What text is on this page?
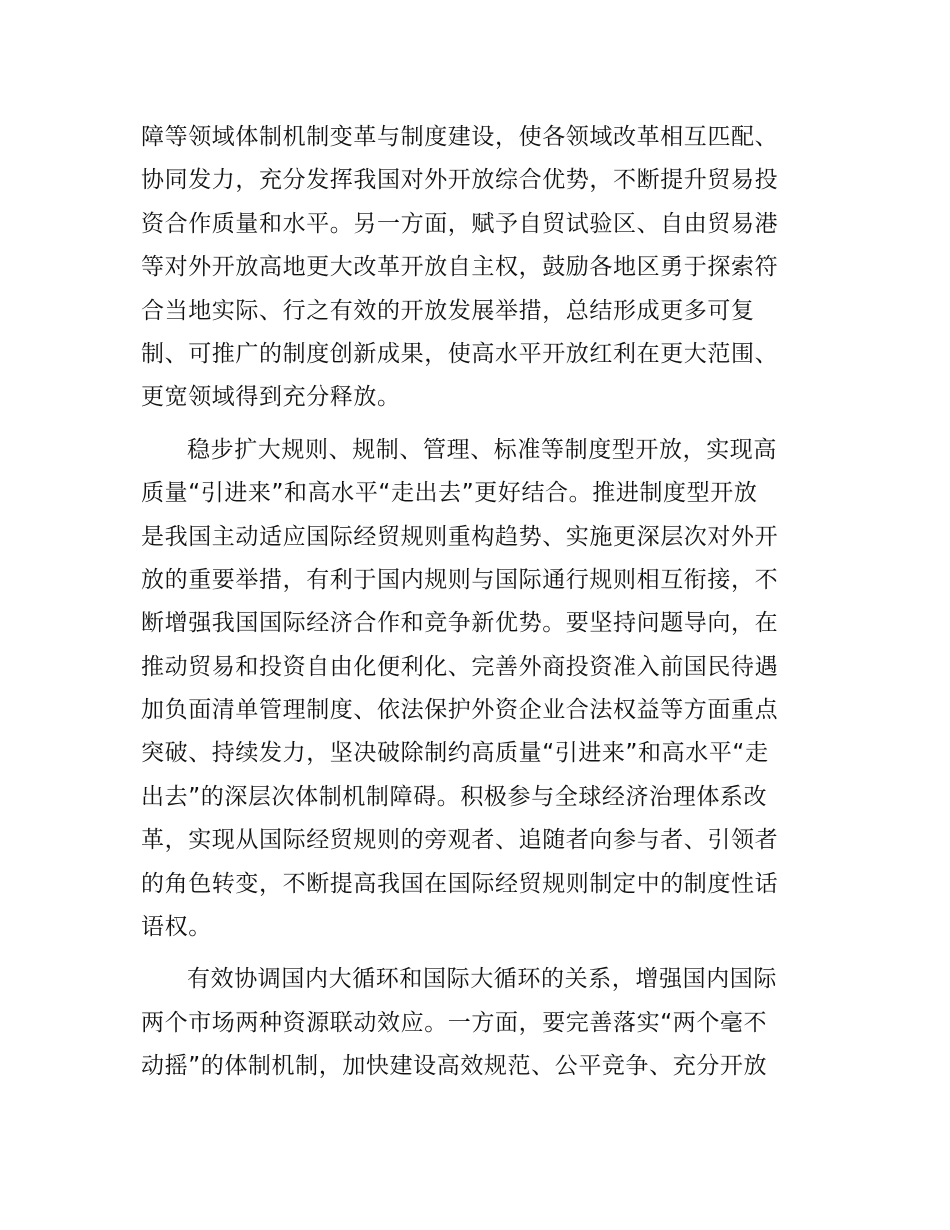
障等领域体制机制变革与制度建设，使各领域改革相互匹配、
协同发力，充分发挥我国对外开放综合优势，不断提升贸易投
资合作质量和水平。另一方面，赋予自贸试验区、自由贸易港
等对外开放高地更大改革开放自主权，鼓励各地区勇于探索符
合当地实际、行之有效的开放发展举措，总结形成更多可复
制、可推广的制度创新成果，使高水平开放红利在更大范围、
更宽领域得到充分释放。
稳步扩大规则、规制、管理、标准等制度型开放，实现高
质量“引进来”和高水平“走出去”更好结合。推进制度型开放
是我国主动适应国际经贸规则重构趋势、实施更深层次对外开
放的重要举措，有利于国内规则与国际通行规则相互衔接，不
断增强我国国际经济合作和竞争新优势。要坚持问题导向，在
推动贸易和投资自由化便利化、完善外商投资准入前国民待遇
加负面清单管理制度、依法保护外资企业合法权益等方面重点
突破、持续发力，坚决破除制约高质量“引进来”和高水平“走
出去”的深层次体制机制障碍。积极参与全球经济治理体系改
革，实现从国际经贸规则的旁观者、追随者向参与者、引领者
的角色转变，不断提高我国在国际经贸规则制定中的制度性话
语权。
有效协调国内大循环和国际大循环的关系，增强国内国际
两个市场两种资源联动效应。一方面，要完善落实“两个毫不
动摇”的体制机制，加快建设高效规范、公平竞争、充分开放
